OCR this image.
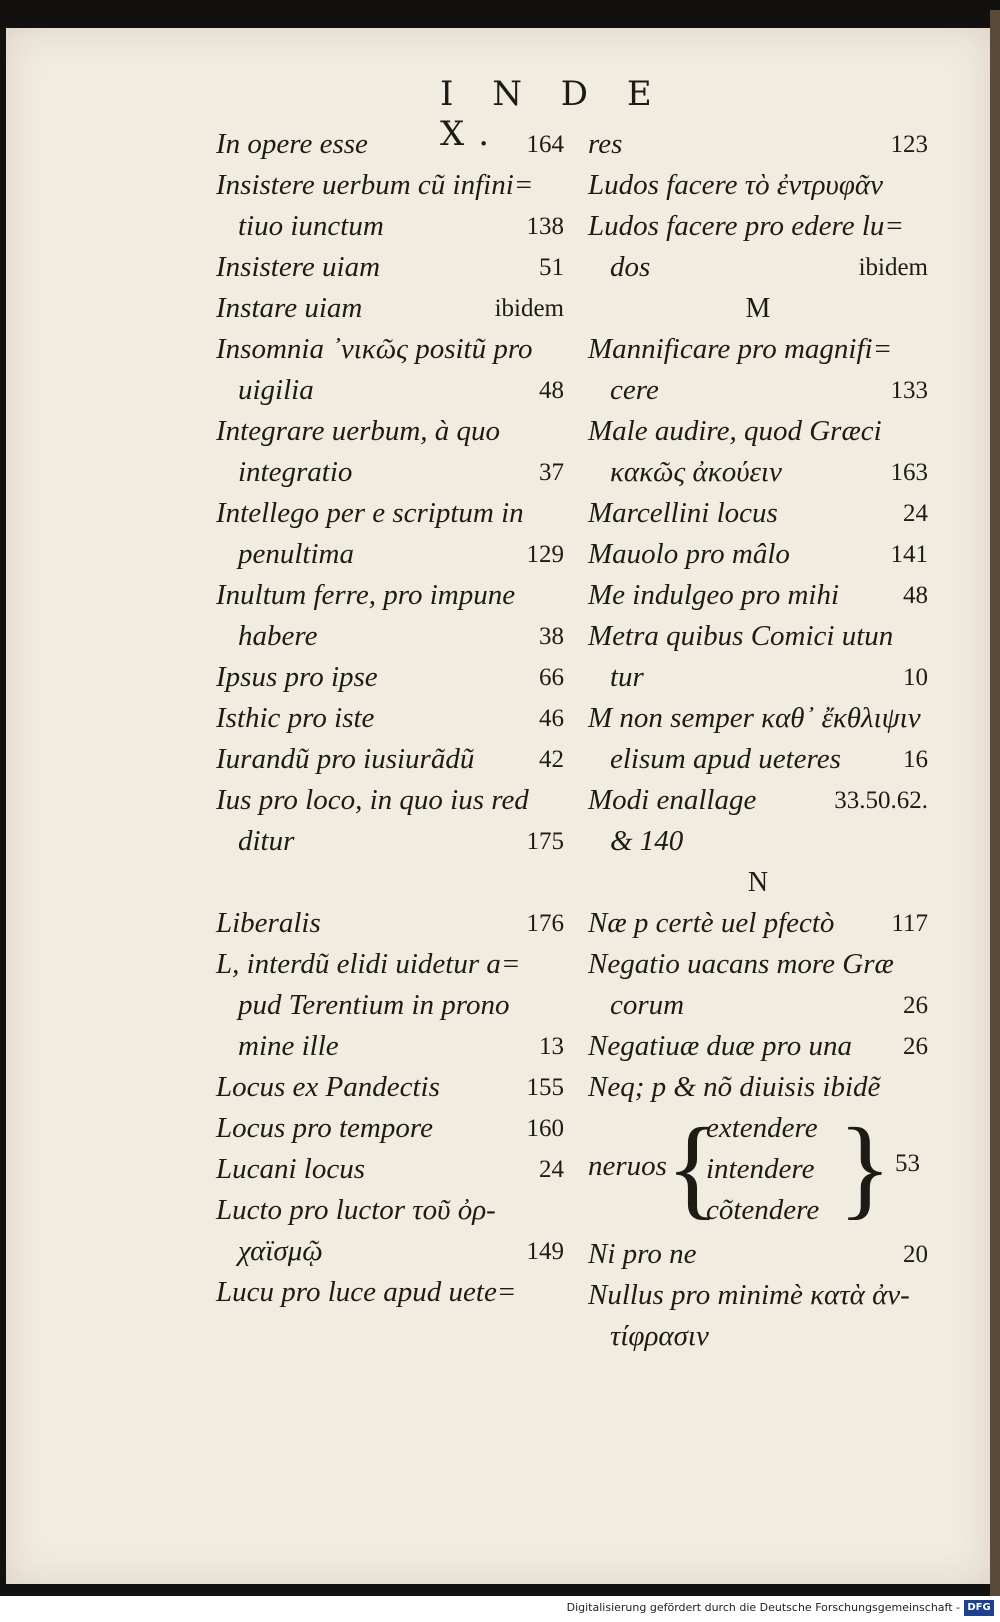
I N D E X.
In opere esse	164
Insistere uerbum cũ infini=
tiuo iunctum	138
Insistere uiam	51
Instare uiam	ibidem
Insomnia ᾽νικῶς positũ pro
uigilia	48
Integrare uerbum, à quo
integratio	37
Intellego per e scriptum in
penultima	129
Inultum ferre, pro impune
habere	38
Ipsus pro ipse	66
Isthic pro iste	46
Iurandũ pro iusiurãdũ	42
Ius pro loco, in quo ius red
ditur	175
Liberalis	176
L, interdũ elidi uidetur a=
pud Terentium in prono
mine ille	13
Locus ex Pandectis	155
Locus pro tempore	160
Lucani locus	24
Lucto pro luctor τοῦ ὀρ-
χαϊσμῷ	149
Lucu pro luce apud uete=
res	123
Ludos facere τὸ ἐντρυφᾶν
Ludos facere pro edere lu=
dos	ibidem
M
Mannificare pro magnifi=
cere	133
Male audire, quod Græci
κακῶς ἀκούειν	163
Marcellini locus	24
Mauolo pro mâlo	141
Me indulgeo pro mihi	48
Metra quibus Comici utun
tur	10
M non semper καθ᾽ ἔκθλιψιν
elisum apud ueteres 16
Modi enallage	33.50.62.
& 140
N
Næ p certè uel pfectò 117
Negatio uacans more Græ
corum	26
Negatiuæ duæ pro una 26
Neq; p & nõ diuisis ibidẽ
neruos {
extendere
intendere
cõtendere } 53
Ni pro ne	20
Nullus pro minimè κατὰ ἀν-
τίφρασιν
Digitalisierung gefördert durch die Deutsche Forschungsgemeinschaft - DFG
